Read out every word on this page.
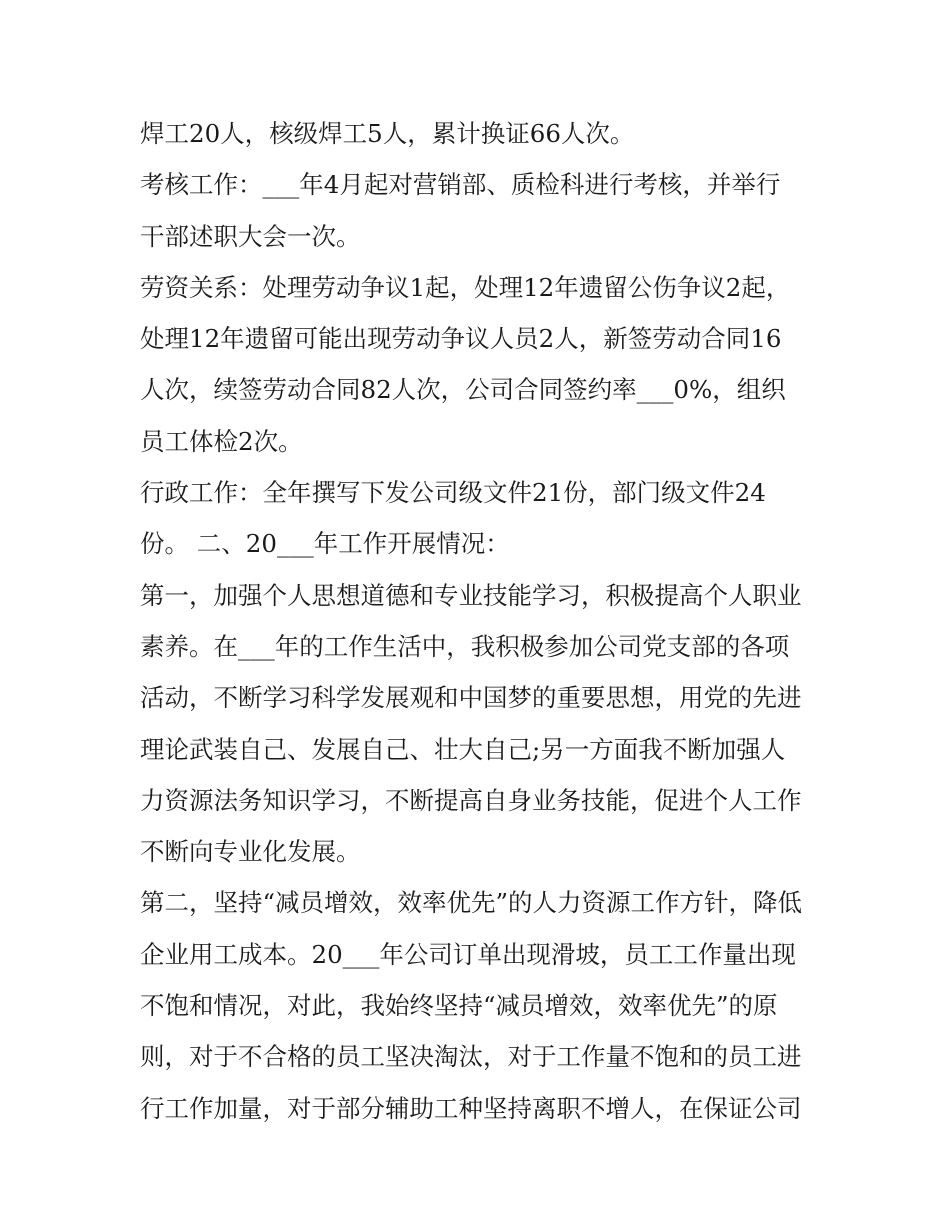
焊工20人，核级焊工5人，累计换证66人次。
考核工作：___年4月起对营销部、质检科进行考核，并举行
干部述职大会一次。
劳资关系：处理劳动争议1起，处理12年遗留公伤争议2起，
处理12年遗留可能出现劳动争议人员2人，新签劳动合同16
人次，续签劳动合同82人次，公司合同签约率___0%，组织
员工体检2次。
行政工作：全年撰写下发公司级文件21份，部门级文件24
份。 二、20___年工作开展情况：
第一，加强个人思想道德和专业技能学习，积极提高个人职业
素养。在___年的工作生活中，我积极参加公司党支部的各项
活动，不断学习科学发展观和中国梦的重要思想，用党的先进
理论武装自己、发展自己、壮大自己;另一方面我不断加强人
力资源法务知识学习，不断提高自身业务技能，促进个人工作
不断向专业化发展。
第二，坚持“减员增效，效率优先”的人力资源工作方针，降低
企业用工成本。20___年公司订单出现滑坡，员工工作量出现
不饱和情况，对此，我始终坚持“减员增效，效率优先”的原
则，对于不合格的员工坚决淘汰，对于工作量不饱和的员工进
行工作加量，对于部分辅助工种坚持离职不增人，在保证公司
